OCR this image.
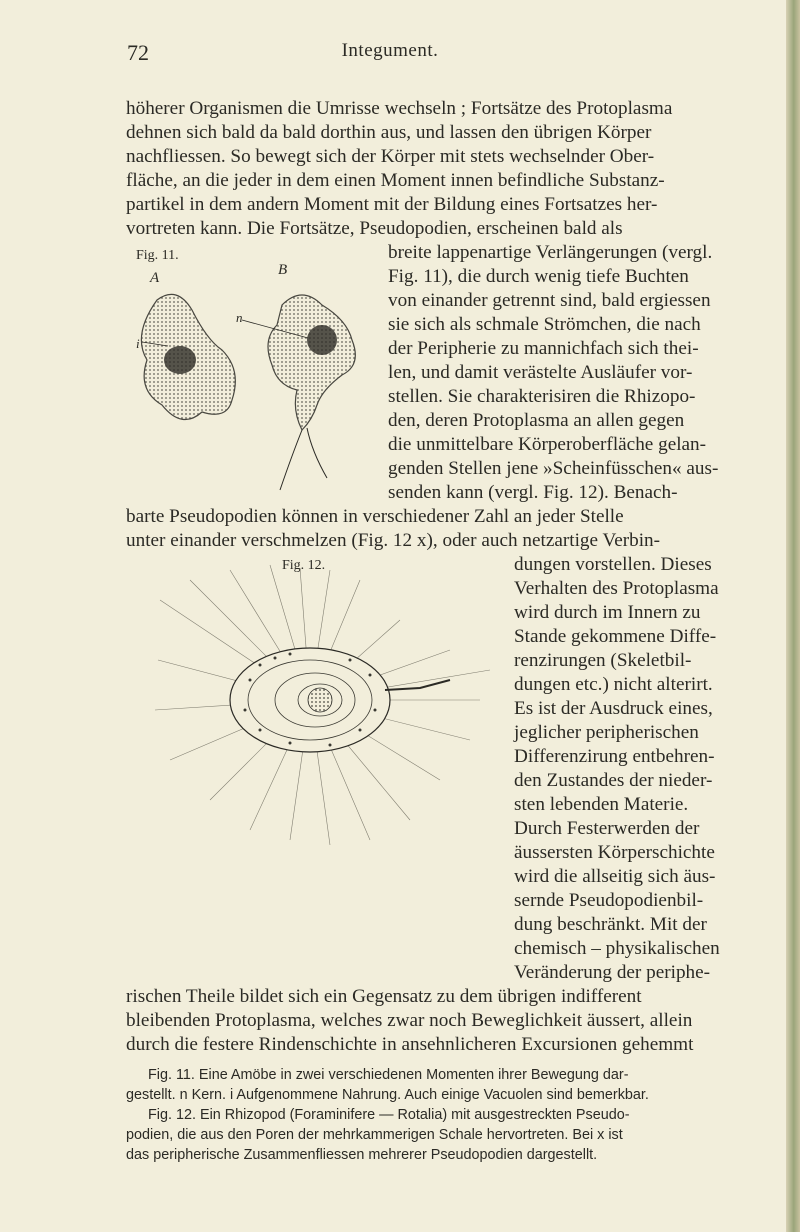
72	Integument.
höherer Organismen die Umrisse wechseln ; Fortsätze des Protoplasma
dehnen sich bald da bald dorthin aus, und lassen den übrigen Körper
nachfliessen. So bewegt sich der Körper mit stets wechselnder Ober-
fläche, an die jeder in dem einen Moment innen befindliche Substanz-
partikel in dem andern Moment mit der Bildung eines Fortsatzes her-
vortreten kann. Die Fortsätze, Pseudopodien, erscheinen bald als
Fig. 11.
A	B
n
i
breite lappenartige Verlängerungen (vergl.
Fig. 11), die durch wenig tiefe Buchten
von einander getrennt sind, bald ergiessen
sie sich als schmale Strömchen, die nach
der Peripherie zu mannichfach sich thei-
len, und damit verästelte Ausläufer vor-
stellen. Sie charakterisiren die Rhizopo-
den, deren Protoplasma an allen gegen
die unmittelbare Körperoberfläche gelan-
genden Stellen jene »Scheinfüsschen« aus-
senden kann (vergl. Fig. 12). Benach-
barte Pseudopodien können in verschiedener Zahl an jeder Stelle
unter einander verschmelzen (Fig. 12 x), oder auch netzartige Verbin-
Fig. 12.	dungen vorstellen. Dieses
Verhalten des Protoplasma
wird durch im Innern zu
Stande gekommene Diffe-
renzirungen (Skeletbil-
dungen etc.) nicht alterirt.
Es ist der Ausdruck eines,
jeglicher peripherischen
Differenzirung entbehren-
den Zustandes der nieder-
sten lebenden Materie.
Durch Festerwerden der
äussersten Körperschichte
wird die allseitig sich äus-
sernde Pseudopodienbil-
dung beschränkt. Mit der
chemisch – physikalischen
Veränderung der periphe-
rischen Theile bildet sich ein Gegensatz zu dem übrigen indifferent
bleibenden Protoplasma, welches zwar noch Beweglichkeit äussert, allein
durch die festere Rindenschichte in ansehnlicheren Excursionen gehemmt
Fig. 11. Eine Amöbe in zwei verschiedenen Momenten ihrer Bewegung dar-
gestellt. n Kern. i Aufgenommene Nahrung. Auch einige Vacuolen sind bemerkbar.
Fig. 12. Ein Rhizopod (Foraminifere — Rotalia) mit ausgestreckten Pseudo-
podien, die aus den Poren der mehrkammerigen Schale hervortreten. Bei x ist
das peripherische Zusammenfliessen mehrerer Pseudopodien dargestellt.
